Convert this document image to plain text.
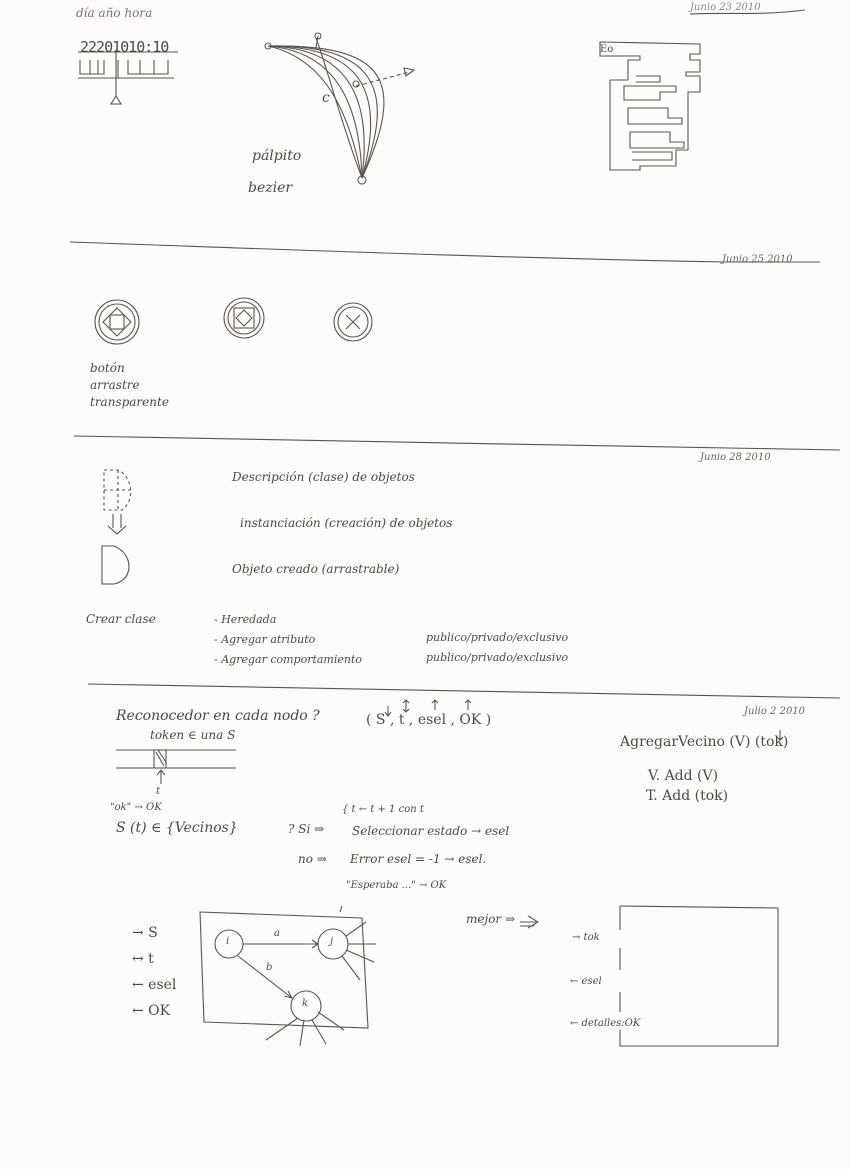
Junio 23 2010
día año hora
22201010:10
c
pálpito
bezier
Eo
Junio 25 2010
botón
arrastre
transparente
Junio 28 2010
Descripción (clase) de objetos
instanciación (creación) de objetos
Objeto creado (arrastrable)
Crear clase	- Heredada
- Agregar atributo
- Agregar comportamiento
publico/privado/exclusivo
publico/privado/exclusivo
Julio 2 2010
Reconocedor en cada nodo ?	( S , t , esel , OK )
token ∈ una S
t
"ok" → OK
S (t) ∈ {Vecinos}	? Si ⇒
{ t ← t + 1 con t
Seleccionar estado → esel
no ⇒ Error esel = -1 → esel.
"Esperaba ..." → OK
AgregarVecino (V) (tok)
V. Add (V)
T. Add (tok)
→ S
↔ t
← esel
← OK
i	j
k
a
b
mejor ⇒
→ tok
← esel
← detalles:OK
